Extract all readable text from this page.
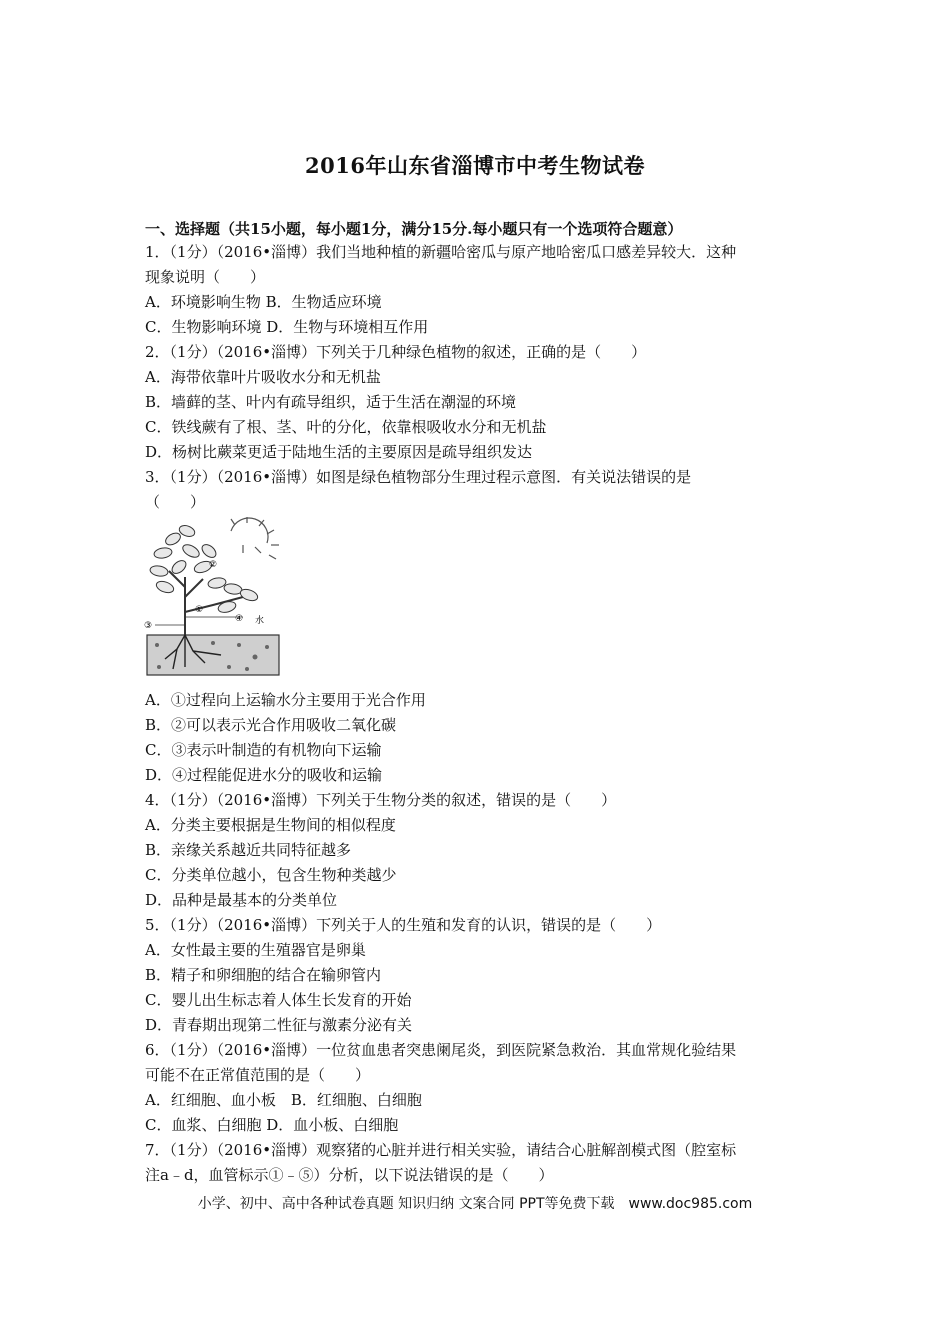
2016年山东省淄博市中考生物试卷
一、选择题（共15小题，每小题1分，满分15分.每小题只有一个选项符合题意）
1．（1分）（2016•淄博）我们当地种植的新疆哈密瓜与原产地哈密瓜口感差异较大．这种
现象说明（　　）
A．环境影响生物 B．生物适应环境
C．生物影响环境 D．生物与环境相互作用
2．（1分）（2016•淄博）下列关于几种绿色植物的叙述，正确的是（　　）
A．海带依靠叶片吸收水分和无机盐
B．墙藓的茎、叶内有疏导组织，适于生活在潮湿的环境
C．铁线蕨有了根、茎、叶的分化，依靠根吸收水分和无机盐
D．杨树比蕨菜更适于陆地生活的主要原因是疏导组织发达
3．（1分）（2016•淄博）如图是绿色植物部分生理过程示意图．有关说法错误的是
（　　）
②
③
①
④ 水
A．①过程向上运输水分主要用于光合作用
B．②可以表示光合作用吸收二氧化碳
C．③表示叶制造的有机物向下运输
D．④过程能促进水分的吸收和运输
4．（1分）（2016•淄博）下列关于生物分类的叙述，错误的是（　　）
A．分类主要根据是生物间的相似程度
B．亲缘关系越近共同特征越多
C．分类单位越小，包含生物种类越少
D．品种是最基本的分类单位
5．（1分）（2016•淄博）下列关于人的生殖和发育的认识，错误的是（　　）
A．女性最主要的生殖器官是卵巢
B．精子和卵细胞的结合在输卵管内
C．婴儿出生标志着人体生长发育的开始
D．青春期出现第二性征与激素分泌有关
6．（1分）（2016•淄博）一位贫血患者突患阑尾炎，到医院紧急救治．其血常规化验结果
可能不在正常值范围的是（　　）
A．红细胞、血小板　B．红细胞、白细胞
C．血浆、白细胞 D．血小板、白细胞
7．（1分）（2016•淄博）观察猪的心脏并进行相关实验，请结合心脏解剖模式图（腔室标
注a﹣d，血管标示①﹣⑤）分析，以下说法错误的是（　　）
小学、初中、高中各种试卷真题 知识归纳 文案合同 PPT等免费下载　www.doc985.com
